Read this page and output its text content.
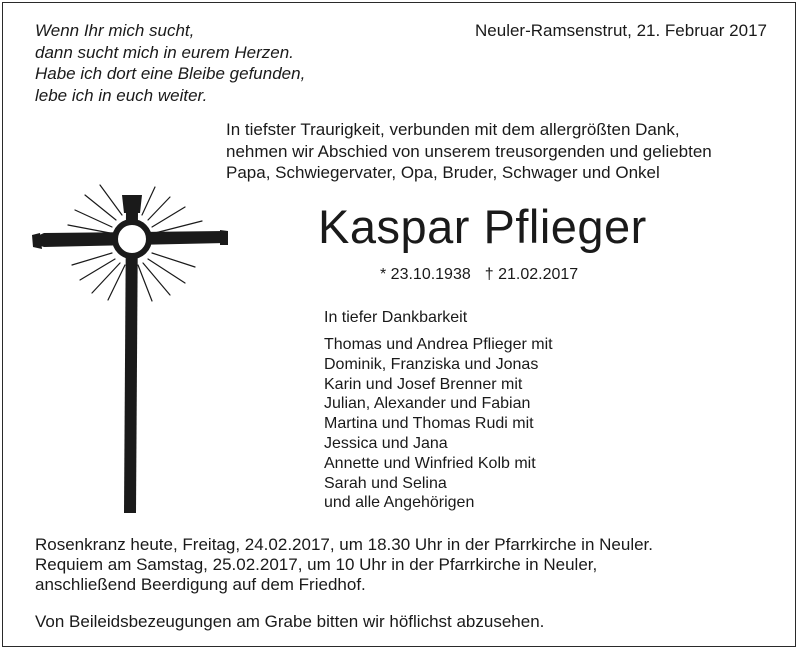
Wenn Ihr mich sucht,
dann sucht mich in eurem Herzen.
Habe ich dort eine Bleibe gefunden,
lebe ich in euch weiter.
Neuler-Ramsenstrut, 21. Februar 2017
In tiefster Traurigkeit, verbunden mit dem allergrößten Dank,
nehmen wir Abschied von unserem treusorgenden und geliebten
Papa, Schwiegervater, Opa, Bruder, Schwager und Onkel
Kaspar Pflieger
* 23.10.1938 † 21.02.2017
In tiefer Dankbarkeit
Thomas und Andrea Pflieger mit
Dominik, Franziska und Jonas
Karin und Josef Brenner mit
Julian, Alexander und Fabian
Martina und Thomas Rudi mit
Jessica und Jana
Annette und Winfried Kolb mit
Sarah und Selina
und alle Angehörigen
Rosenkranz heute, Freitag, 24.02.2017, um 18.30 Uhr in der Pfarrkirche in Neuler.
Requiem am Samstag, 25.02.2017, um 10 Uhr in der Pfarrkirche in Neuler,
anschließend Beerdigung auf dem Friedhof.
Von Beileidsbezeugungen am Grabe bitten wir höflichst abzusehen.
